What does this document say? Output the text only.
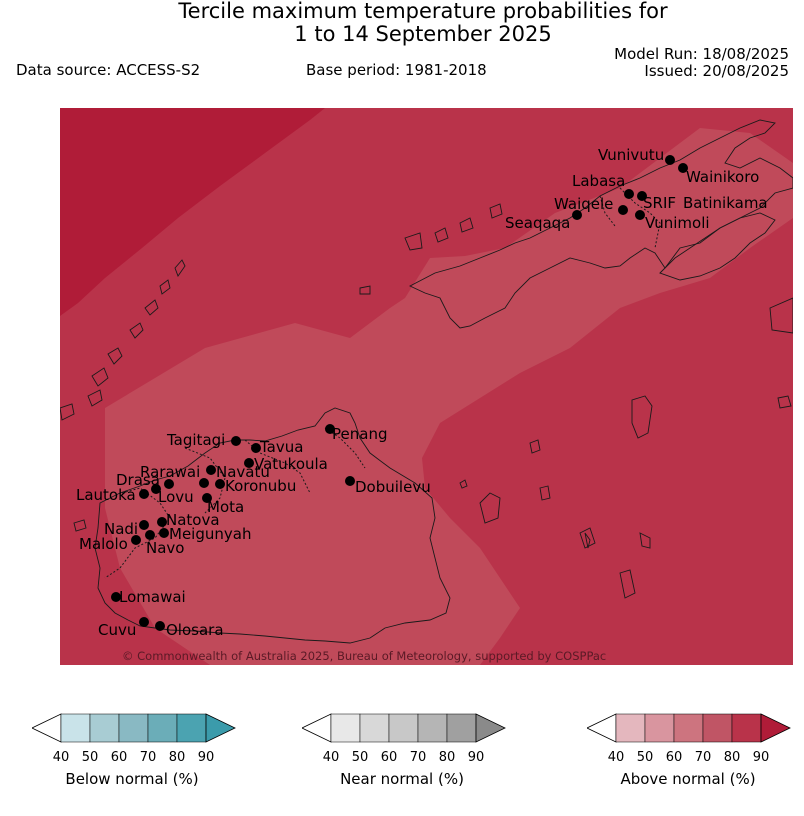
Tercile maximum temperature probabilities for
1 to 14 September 2025
Data source: ACCESS-S2	Base period: 1981-2018
Model Run: 18/08/2025
Issued: 20/08/2025
Vunivutu
Wainikoro
Labasa
Waiqele SRIF Batinikama
Seaqaqa	Vunimoli
Penang
Tagitagi Tavua
Vatukoula
Rarawai Navatu
Drasa	Koronubu	Dobuilevu
Lautoka Lovu
Mota
Natova
Nadi Meigunyah
Malolo Navo
Lomawai
Cuvu Olosara
© Commonwealth of Australia 2025, Bureau of Meteorology, supported by COSPPac
40 50 60 70 80 90
Below normal (%)
40 50 60 70 80 90
Near normal (%)
40 50 60 70 80 90
Above normal (%)
